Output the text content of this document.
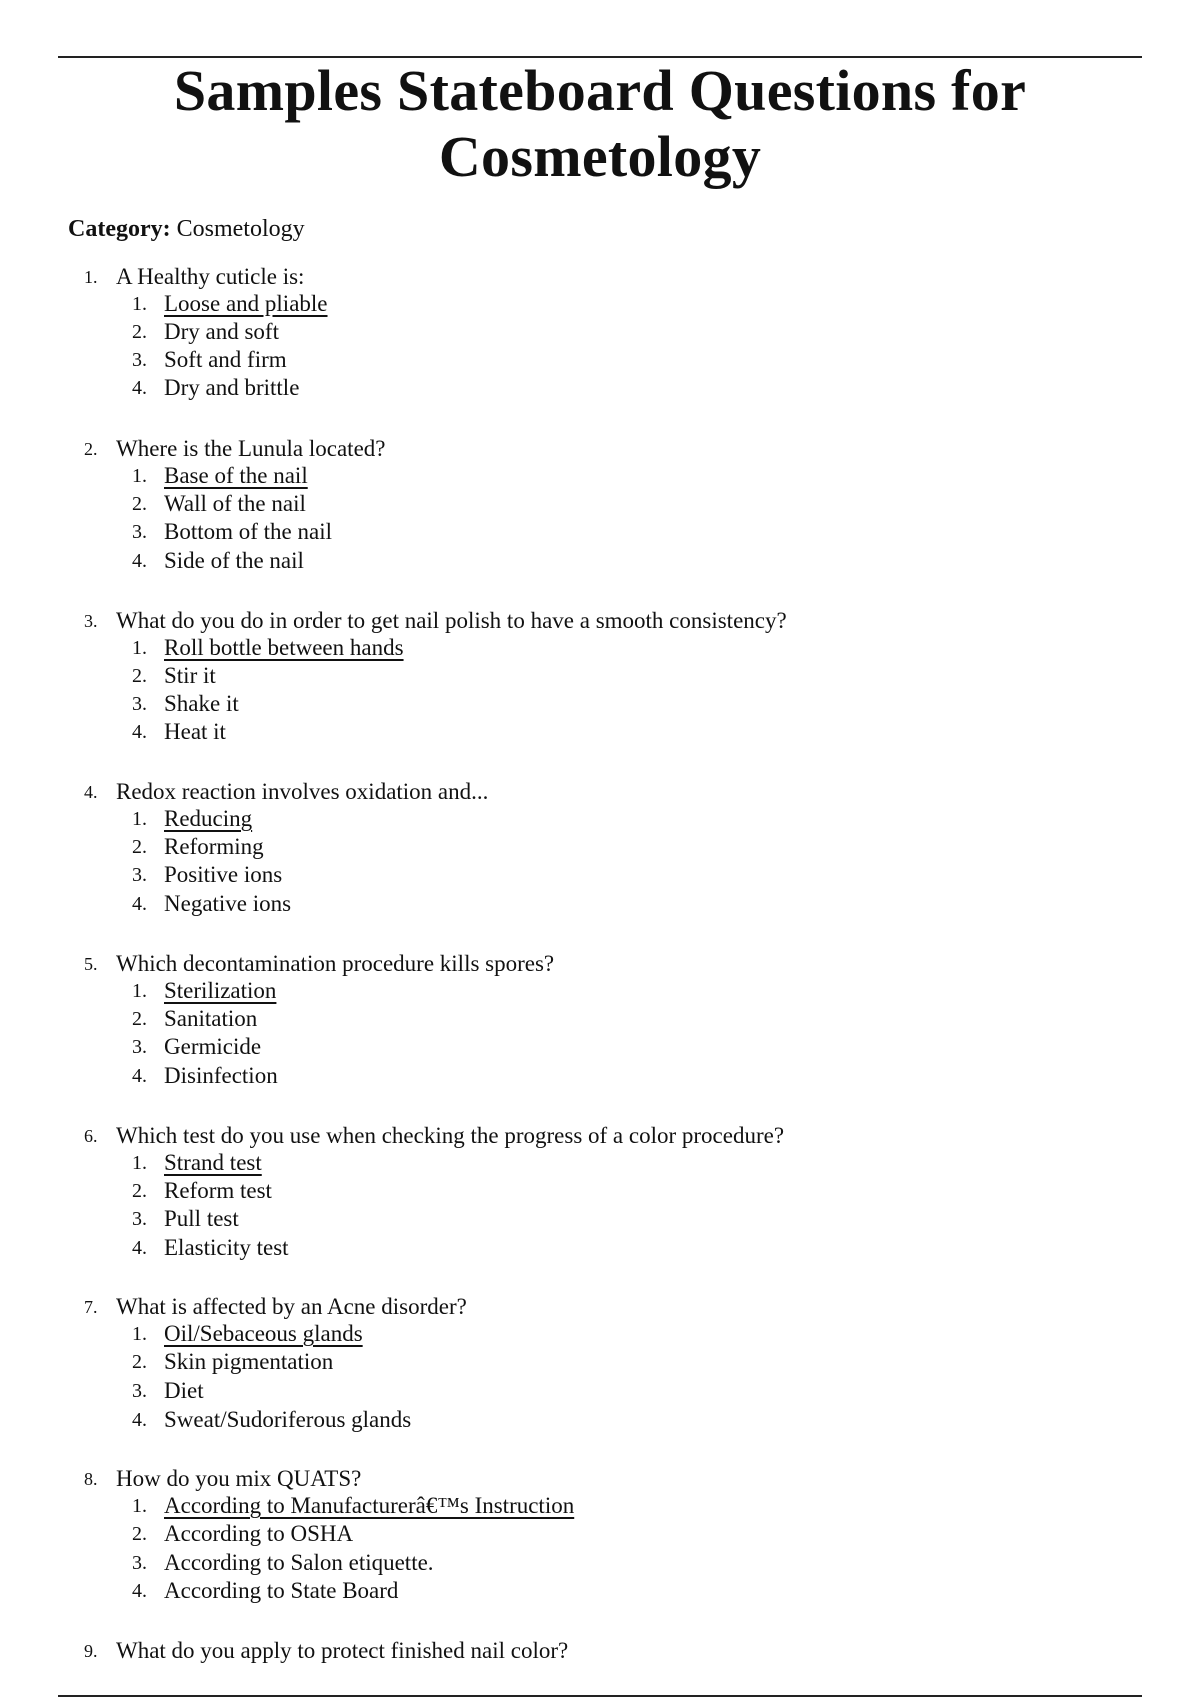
Samples Stateboard Questions for Cosmetology
Category: Cosmetology
1. A Healthy cuticle is:
1. Loose and pliable
2. Dry and soft
3. Soft and firm
4. Dry and brittle
2. Where is the Lunula located?
1. Base of the nail
2. Wall of the nail
3. Bottom of the nail
4. Side of the nail
3. What do you do in order to get nail polish to have a smooth consistency?
1. Roll bottle between hands
2. Stir it
3. Shake it
4. Heat it
4. Redox reaction involves oxidation and...
1. Reducing
2. Reforming
3. Positive ions
4. Negative ions
5. Which decontamination procedure kills spores?
1. Sterilization
2. Sanitation
3. Germicide
4. Disinfection
6. Which test do you use when checking the progress of a color procedure?
1. Strand test
2. Reform test
3. Pull test
4. Elasticity test
7. What is affected by an Acne disorder?
1. Oil/Sebaceous glands
2. Skin pigmentation
3. Diet
4. Sweat/Sudoriferous glands
8. How do you mix QUATS?
1. According to Manufacturerâ€™s Instruction
2. According to OSHA
3. According to Salon etiquette.
4. According to State Board
9. What do you apply to protect finished nail color?
